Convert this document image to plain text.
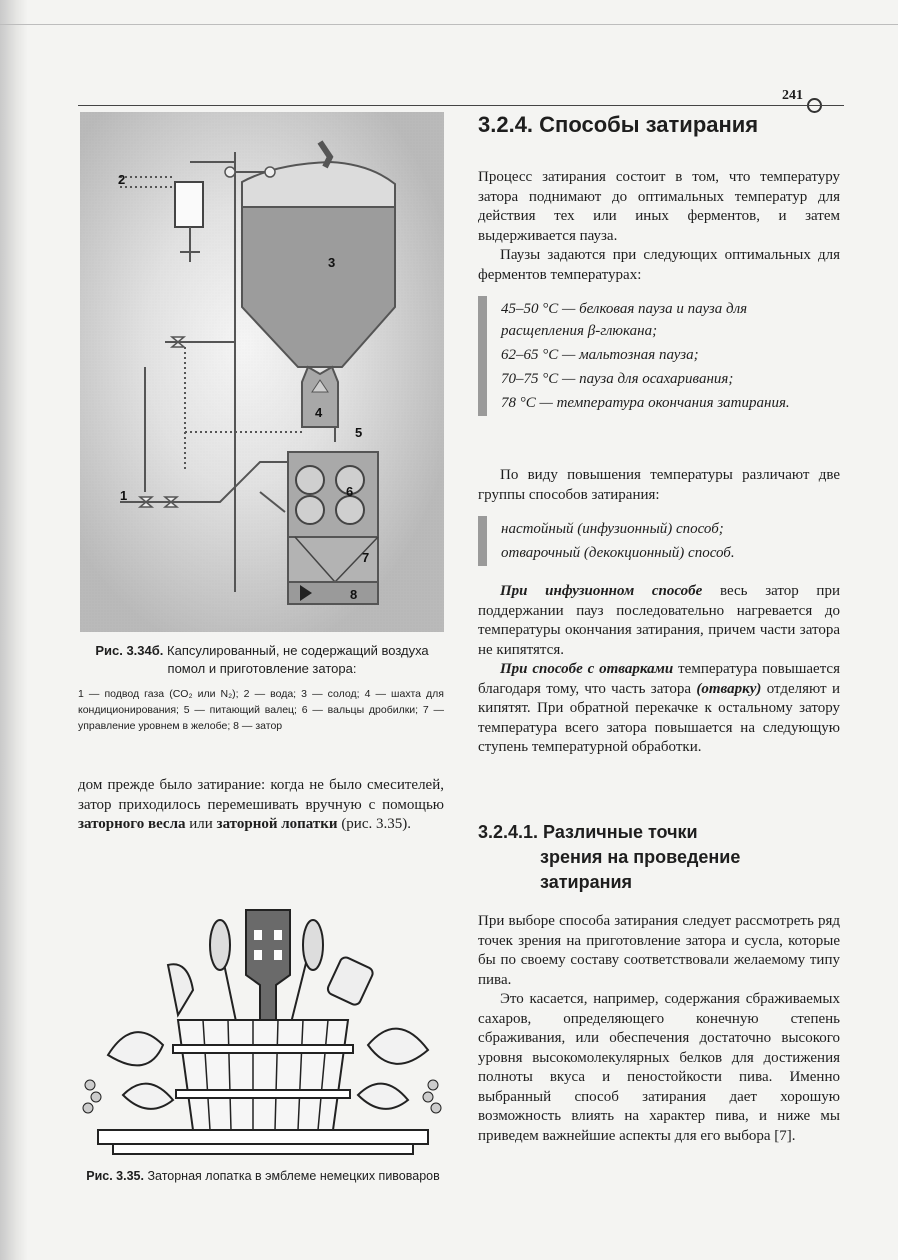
241
3
4
5
6
7
8
2
1
Рис. 3.34б. Капсулированный, не содержащий воздуха помол и приготовление затора:
1 — подвод газа (CO₂ или N₂); 2 — вода; 3 — солод; 4 — шахта для кондиционирования; 5 — питающий валец; 6 — вальцы дробилки; 7 — управление уровнем в желобе; 8 — затор

дом прежде было затирание: когда не было смесителей, затор приходилось перемешивать вручную с помощью заторного весла или заторной лопатки (рис. 3.35).

Рис. 3.35. Заторная лопатка в эмблеме немецких пивоваров
3.2.4. Способы затирания

Процесс затирания состоит в том, что температуру затора поднимают до оптимальных температур для действия тех или иных ферментов, и затем выдерживается пауза.

Паузы задаются при следующих оптимальных для ферментов температурах:

45–50 °C — белковая пауза и пауза для расщепления β-глюкана;
62–65 °C — мальтозная пауза;
70–75 °C — пауза для осахаривания;
78 °C — температура окончания затирания.

По виду повышения температуры различают две группы способов затирания:

настойный (инфузионный) способ;
отварочный (декокционный) способ.

При инфузионном способе весь затор при поддержании пауз последовательно нагревается до температуры окончания затирания, причем части затора не кипятятся.

При способе с отварками температура повышается благодаря тому, что часть затора (отварку) отделяют и кипятят. При обратной перекачке к остальному затору температура всего затора повышается на следующую ступень температурной обработки.

3.2.4.1. Различные точки
зрения на проведение
затирания

При выборе способа затирания следует рассмотреть ряд точек зрения на приготовление затора и сусла, которые бы по своему составу соответствовали желаемому типу пива.

Это касается, например, содержания сбраживаемых сахаров, определяющего конечную степень сбраживания, или обеспечения достаточно высокого уровня высокомолекулярных белков для достижения полноты вкуса и пеностойкости пива. Именно выбранный способ затирания дает хорошую возможность влиять на характер пива, и ниже мы приведем важнейшие аспекты для его выбора [7].
